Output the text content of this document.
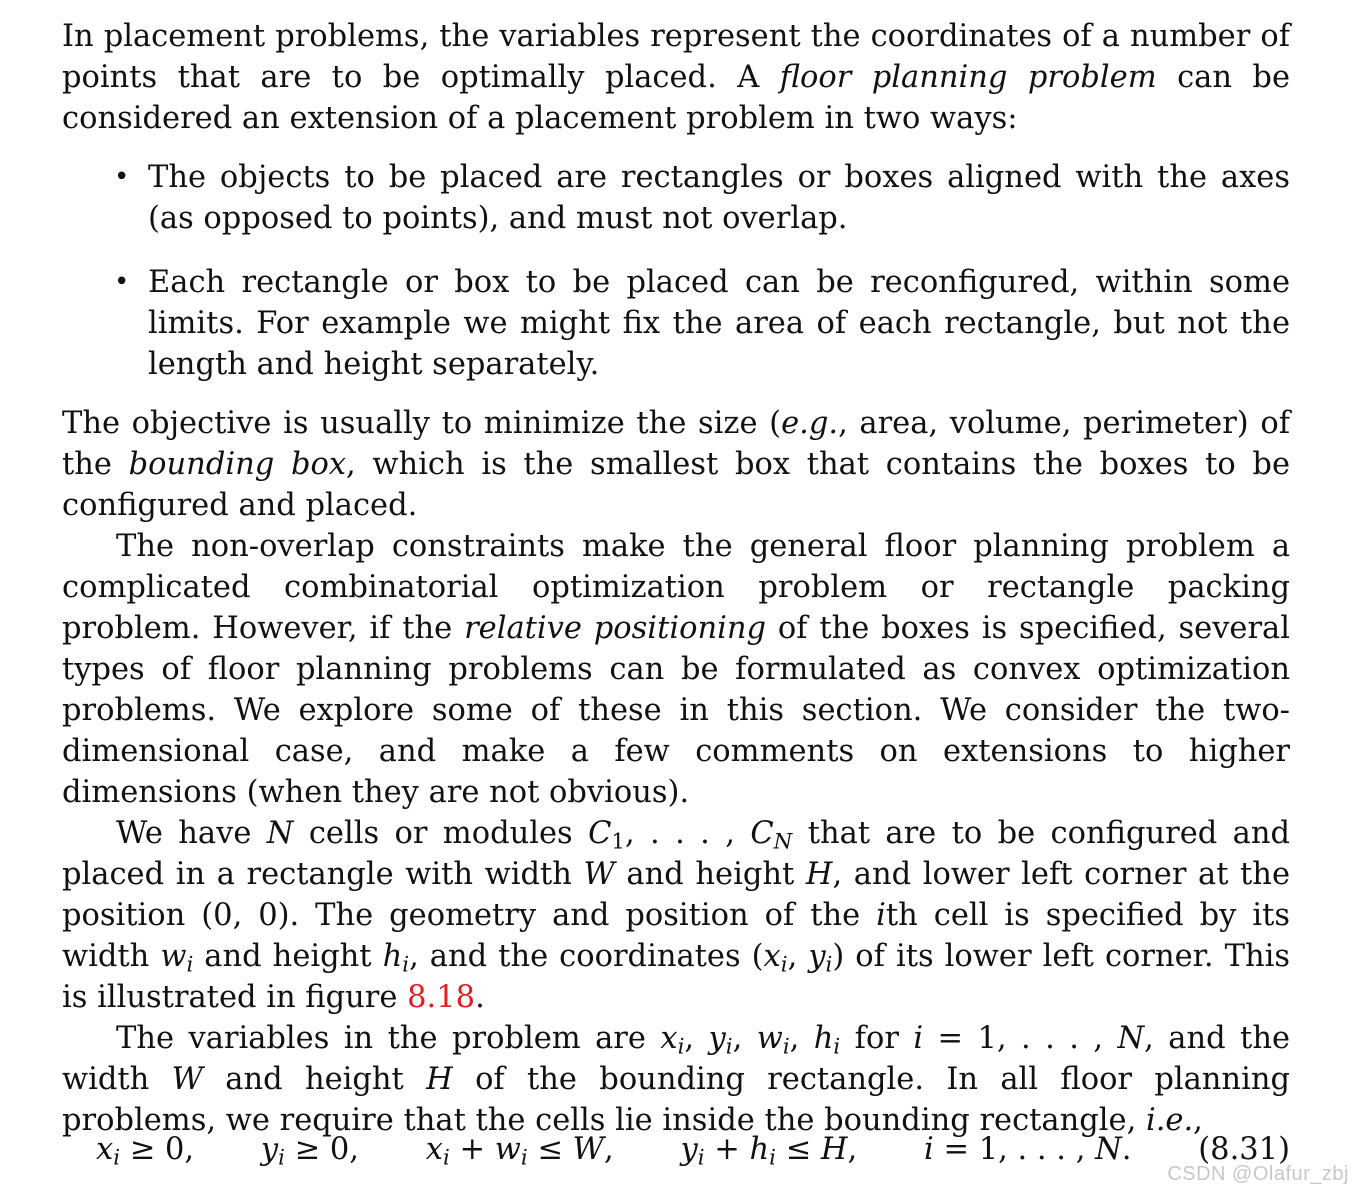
In placement problems, the variables represent the coordinates of a number of points that are to be optimally placed. A floor planning problem can be considered an extension of a placement problem in two ways:

• The objects to be placed are rectangles or boxes aligned with the axes (as opposed to points), and must not overlap.
• Each rectangle or box to be placed can be reconfigured, within some limits. For example we might fix the area of each rectangle, but not the length and height separately.

The objective is usually to minimize the size (e.g., area, volume, perimeter) of the bounding box, which is the smallest box that contains the boxes to be configured and placed.

The non-overlap constraints make the general floor planning problem a complicated combinatorial optimization problem or rectangle packing problem. However, if the relative positioning of the boxes is specified, several types of floor planning problems can be formulated as convex optimization problems. We explore some of these in this section. We consider the two-dimensional case, and make a few comments on extensions to higher dimensions (when they are not obvious).

We have N cells or modules $C_1$, . . . , $C_N$ that are to be configured and placed in a rectangle with width W and height H, and lower left corner at the position (0, 0). The geometry and position of the ith cell is specified by its width $w_i$ and height $h_i$, and the coordinates ($x_i$, $y_i$) of its lower left corner. This is illustrated in figure 8.18.

The variables in the problem are $x_i$, $y_i$, $w_i$, $h_i$ for i = 1, . . . , N, and the width W and height H of the bounding rectangle. In all floor planning problems, we require that the cells lie inside the bounding rectangle, i.e.,

$x_i \ge 0$, $y_i \ge 0$, $x_i + w_i \le W$, $y_i + h_i \le H$, i = 1, . . . , N. (8.31)
CSDN @Olafur_zbj
